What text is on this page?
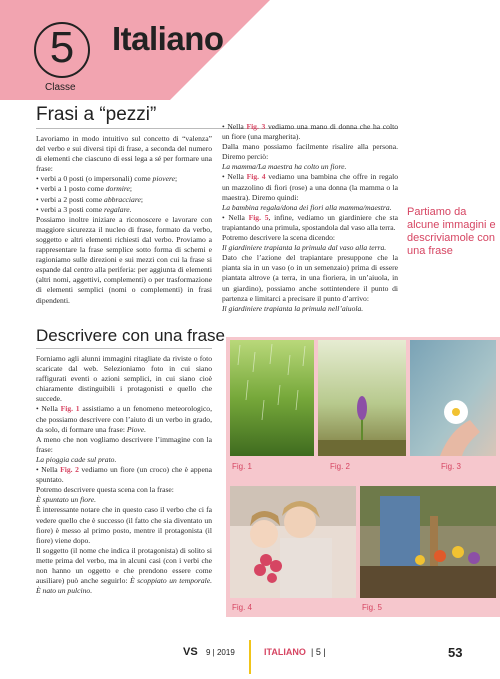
5
Classe
Italiano
Frasi a “pezzi”

Lavoriamo in modo intuitivo sul concetto di “valenza” del verbo e sui diversi tipi di frase, a seconda del numero di elementi che ciascuno di essi lega a sé per formare una frase:

• verbi a 0 posti (o impersonali) come piovere;

• verbi a 1 posto come dormire;

• verbi a 2 posti come abbracciare;

• verbi a 3 posti come regalare.

Possiamo inoltre iniziare a riconoscere e lavorare con maggiore sicurezza il nucleo di frase, formato da verbo, soggetto e altri elementi richiesti dal verbo. Proviamo a rappresentare la frase semplice sotto forma di schemi e ragioniamo sulle direzioni e sui mezzi con cui la frase si espande dal centro alla periferia: per aggiunta di elementi (altri nomi, aggettivi, complementi) o per trasformazione di elementi semplici (nomi o complementi) in frasi dipendenti.

• Nella Fig. 3 vediamo una mano di donna che ha colto un fiore (una margherita).

Dalla mano possiamo facilmente risalire alla persona. Diremo perciò:

La mamma/La maestra ha colto un fiore.

• Nella Fig. 4 vediamo una bambina che offre in regalo un mazzolino di fiori (rose) a una donna (la mamma o la maestra). Diremo quindi:

La bambina regala/dona dei fiori alla mamma/maestra.

• Nella Fig. 5, infine, vediamo un giardiniere che sta trapiantando una primula, spostandola dal vaso alla terra.

Potremo descrivere la scena dicendo:

Il giardiniere trapianta la primula dal vaso alla terra.

Dato che l’azione del trapiantare presuppone che la pianta sia in un vaso (o in un semenzaio) prima di essere piantata altrove (a terra, in una fioriera, in un’aiuola, in un giardino), possiamo anche sottintendere il punto di partenza e limitarci a precisare il punto d’arrivo:

Il giardiniere trapianta la primula nell’aiuola.

Partiamo da alcune immagini e descriviamole con una frase
Descrivere con una frase

Forniamo agli alunni immagini ritagliate da riviste o foto scaricate dal web. Selezioniamo foto in cui siano raffigurati eventi o azioni semplici, in cui siano cioè chiaramente distinguibili i protagonisti e quello che succede.

• Nella Fig. 1 assistiamo a un fenomeno meteorologico, che possiamo descrivere con l’aiuto di un verbo in grado, da solo, di formare una frase: Piove.

A meno che non vogliamo descrivere l’immagine con la frase:

La pioggia cade sul prato.

• Nella Fig. 2 vediamo un fiore (un croco) che è appena spuntato.

Potremo descrivere questa scena con la frase:

È spuntato un fiore.

È interessante notare che in questo caso il verbo che ci fa vedere quello che è successo (il fatto che sia diventato un fiore) è messo al primo posto, mentre il protagonista (il fiore) viene dopo.

Il soggetto (il nome che indica il protagonista) di solito si mette prima del verbo, ma in alcuni casi (con i verbi che non hanno un oggetto e che prendono essere come ausiliare) può anche seguirlo: È scoppiato un temporale. È nato un pulcino.

Fig. 1	Fig. 2	Fig. 3
Fig. 4	Fig. 5
VS 9 | 2019	ITALIANO | 5 |	53
